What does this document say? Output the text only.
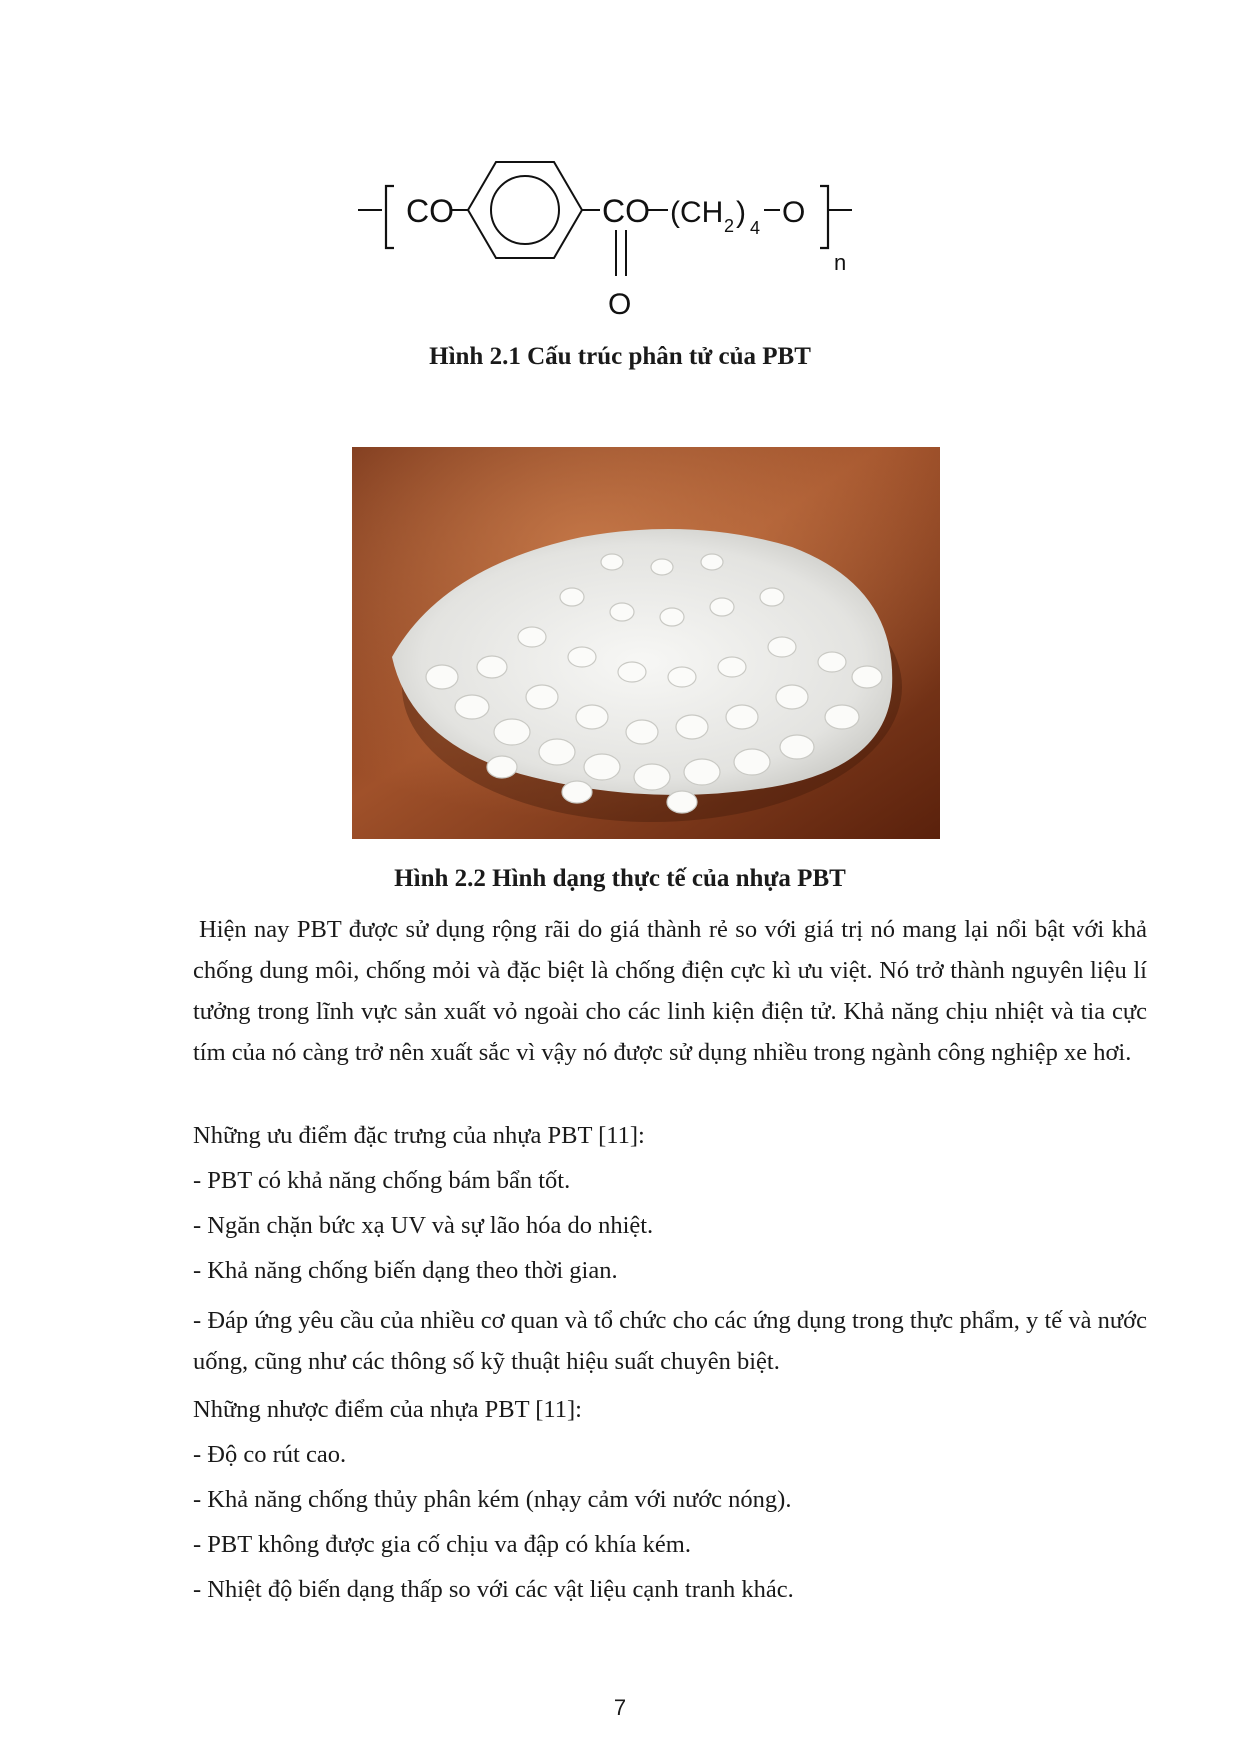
CO	CO
O
(CH 2 ) 4 O
n
Hình 2.1 Cấu trúc phân tử của PBT
Hình 2.2 Hình dạng thực tế của nhựa PBT

Hiện nay PBT được sử dụng rộng rãi do giá thành rẻ so với giá trị nó mang lại nổi bật với khả chống dung môi, chống mỏi và đặc biệt là chống điện cực kì ưu việt. Nó trở thành nguyên liệu lí tưởng trong lĩnh vực sản xuất vỏ ngoài cho các linh kiện điện tử. Khả năng chịu nhiệt và tia cực tím của nó càng trở nên xuất sắc vì vậy nó được sử dụng nhiều trong ngành công nghiệp xe hơi.

Những ưu điểm đặc trưng của nhựa PBT [11]:
- PBT có khả năng chống bám bẩn tốt.
- Ngăn chặn bức xạ UV và sự lão hóa do nhiệt.
- Khả năng chống biến dạng theo thời gian.

- Đáp ứng yêu cầu của nhiều cơ quan và tổ chức cho các ứng dụng trong thực phẩm, y tế và nước uống, cũng như các thông số kỹ thuật hiệu suất chuyên biệt.

Những nhược điểm của nhựa PBT [11]:
- Độ co rút cao.
- Khả năng chống thủy phân kém (nhạy cảm với nước nóng).
- PBT không được gia cố chịu va đập có khía kém.
- Nhiệt độ biến dạng thấp so với các vật liệu cạnh tranh khác.
7
